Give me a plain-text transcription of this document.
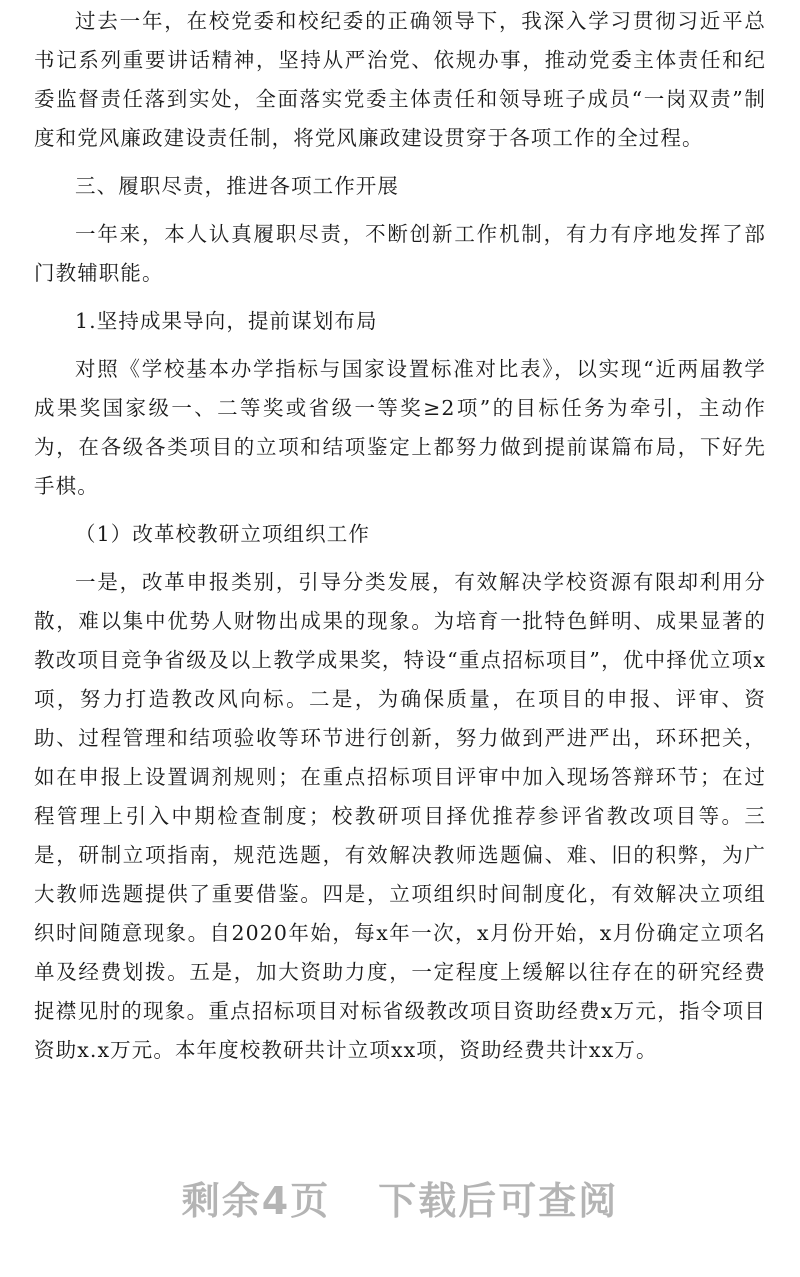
过去一年，在校党委和校纪委的正确领导下，我深入学习贯彻习近平总书记系列重要讲话精神，坚持从严治党、依规办事，推动党委主体责任和纪委监督责任落到实处，全面落实党委主体责任和领导班子成员“一岗双责”制度和党风廉政建设责任制，将党风廉政建设贯穿于各项工作的全过程。

三、履职尽责，推进各项工作开展

一年来，本人认真履职尽责，不断创新工作机制，有力有序地发挥了部门教辅职能。

1.坚持成果导向，提前谋划布局

对照《学校基本办学指标与国家设置标准对比表》，以实现“近两届教学成果奖国家级一、二等奖或省级一等奖≥2项”的目标任务为牵引，主动作为，在各级各类项目的立项和结项鉴定上都努力做到提前谋篇布局，下好先手棋。

（1）改革校教研立项组织工作

一是，改革申报类别，引导分类发展，有效解决学校资源有限却利用分散，难以集中优势人财物出成果的现象。为培育一批特色鲜明、成果显著的教改项目竞争省级及以上教学成果奖，特设“重点招标项目”，优中择优立项x项，努力打造教改风向标。二是，为确保质量，在项目的申报、评审、资助、过程管理和结项验收等环节进行创新，努力做到严进严出，环环把关，如在申报上设置调剂规则；在重点招标项目评审中加入现场答辩环节；在过程管理上引入中期检查制度；校教研项目择优推荐参评省教改项目等。三是，研制立项指南，规范选题，有效解决教师选题偏、难、旧的积弊，为广大教师选题提供了重要借鉴。四是，立项组织时间制度化，有效解决立项组织时间随意现象。自2020年始，每x年一次，x月份开始，x月份确定立项名单及经费划拨。五是，加大资助力度，一定程度上缓解以往存在的研究经费捉襟见肘的现象。重点招标项目对标省级教改项目资助经费x万元，指令项目资助x.x万元。本年度校教研共计立项xx项，资助经费共计xx万。

剩余4页 下载后可查阅
